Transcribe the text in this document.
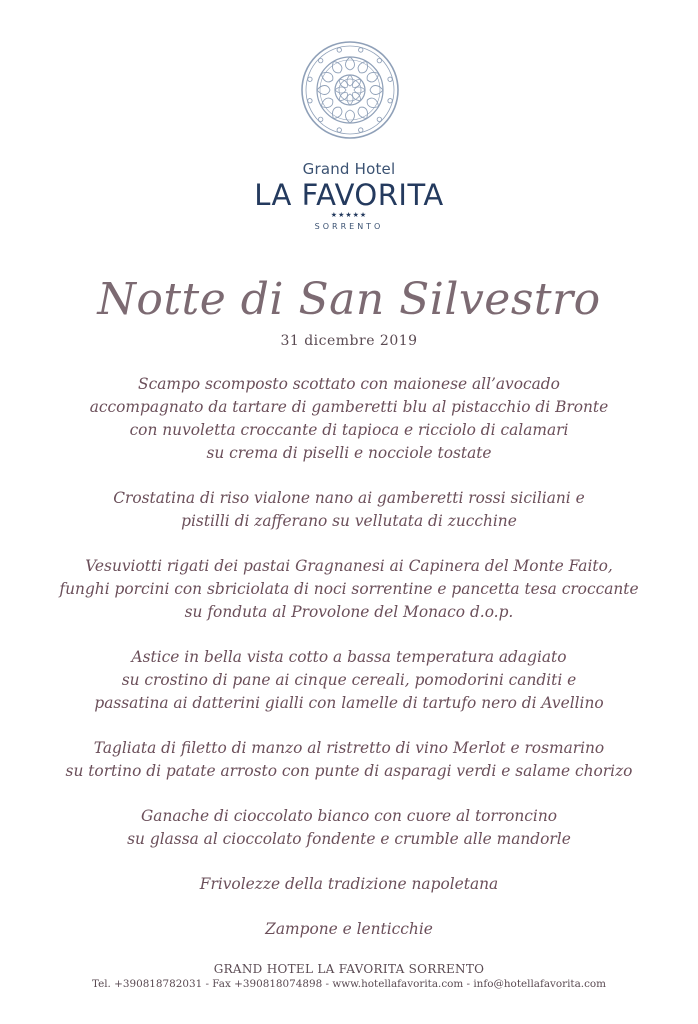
Grand Hotel
LA FAVORITA
★★★★★
SORRENTO
Notte di San Silvestro
31 dicembre 2019
Scampo scomposto scottato con maionese all’avocado
accompagnato da tartare di gamberetti blu al pistacchio di Bronte
con nuvoletta croccante di tapioca e ricciolo di calamari
su crema di piselli e nocciole tostate
Crostatina di riso vialone nano ai gamberetti rossi siciliani e
pistilli di zafferano su vellutata di zucchine
Vesuviotti rigati dei pastai Gragnanesi ai Capinera del Monte Faito,
funghi porcini con sbriciolata di noci sorrentine e pancetta tesa croccante
su fonduta al Provolone del Monaco d.o.p.
Astice in bella vista cotto a bassa temperatura adagiato
su crostino di pane ai cinque cereali, pomodorini canditi e
passatina ai datterini gialli con lamelle di tartufo nero di Avellino
Tagliata di filetto di manzo al ristretto di vino Merlot e rosmarino
su tortino di patate arrosto con punte di asparagi verdi e salame chorizo
Ganache di cioccolato bianco con cuore al torroncino
su glassa al cioccolato fondente e crumble alle mandorle
Frivolezze della tradizione napoletana
Zampone e lenticchie
GRAND HOTEL LA FAVORITA SORRENTO
Tel. +390818782031 - Fax +390818074898 - www.hotellafavorita.com - info@hotellafavorita.com
